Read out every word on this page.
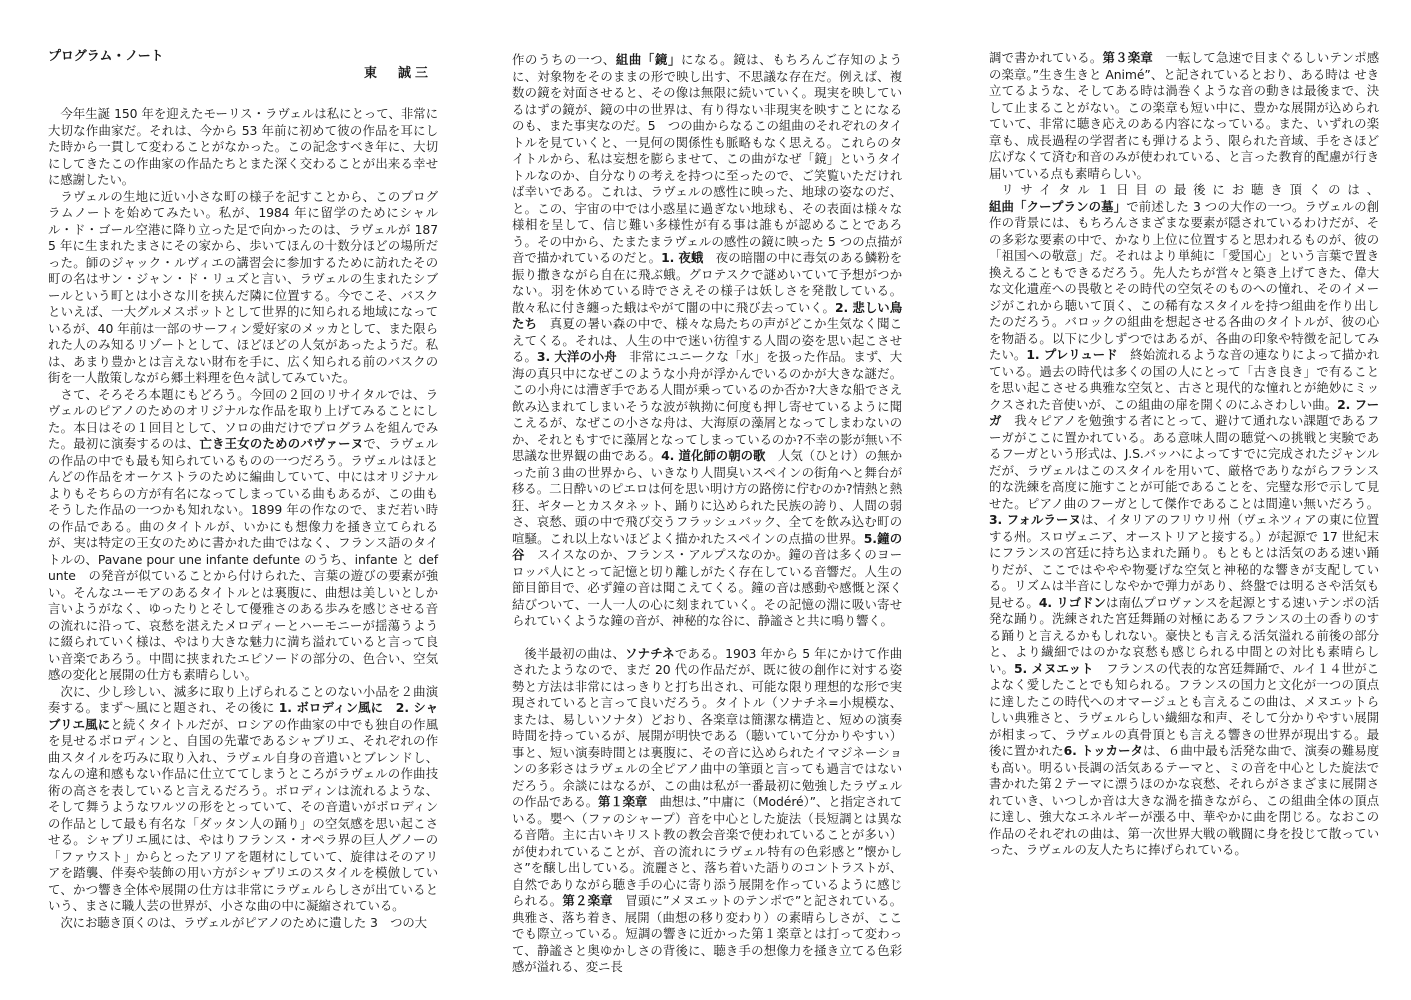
プログラム・ノート
東　誠三

今年生誕 150 年を迎えたモーリス・ラヴェルは私にとって、非常に大切な作曲家だ。それは、今から 53 年前に初めて彼の作品を耳にした時から一貫して変わることがなかった。この記念すべき年に、大切にしてきたこの作曲家の作品たちとまた深く交わることが出来る幸せに感謝したい。

ラヴェルの生地に近い小さな町の様子を記すことから、このプログラムノートを始めてみたい。私が、1984 年に留学のためにシャルル・ド・ゴール空港に降り立った足で向かったのは、ラヴェルが 1875 年に生まれたまさにその家から、歩いてほんの十数分ほどの場所だった。師のジャック・ルヴィエの講習会に参加するために訪れたその町の名はサン・ジャン・ド・リュズと言い、ラヴェルの生まれたシブールという町とは小さな川を挟んだ隣に位置する。今でこそ、バスクといえば、一大グルメスポットとして世界的に知られる地域になっているが、40 年前は一部のサーフィン愛好家のメッカとして、また限られた人のみ知るリゾートとして、ほどほどの人気があったようだ。私は、あまり豊かとは言えない財布を手に、広く知られる前のバスクの街を一人散策しながら郷土料理を色々試してみていた。

さて、そろそろ本題にもどろう。今回の２回のリサイタルでは、ラヴェルのピアノのためのオリジナルな作品を取り上げてみることにした。本日はその１回目として、ソロの曲だけでプログラムを組んでみた。最初に演奏するのは、亡き王女のためのパヴァーヌで、ラヴェルの作品の中でも最も知られているものの一つだろう。ラヴェルはほとんどの作品をオーケストラのために編曲していて、中にはオリジナルよりもそちらの方が有名になってしまっている曲もあるが、この曲もそうした作品の一つかも知れない。1899 年の作なので、まだ若い時の作品である。曲のタイトルが、いかにも想像力を掻き立てられるが、実は特定の王女のために書かれた曲ではなく、フランス語のタイトルの、Pavane pour une infante defunte のうち、infante と defunte　の発音が似ていることから付けられた、言葉の遊びの要素が強い。そんなユーモアのあるタイトルとは裏腹に、曲想は美しいとしか言いようがなく、ゆったりとそして優雅さのある歩みを感じさせる音の流れに沿って、哀愁を湛えたメロディーとハーモニーが揺蕩うように綴られていく様は、やはり大きな魅力に満ち溢れていると言って良い音楽であろう。中間に挟まれたエピソードの部分の、色合い、空気感の変化と展開の仕方も素晴らしい。

次に、少し珍しい、滅多に取り上げられることのない小品を２曲演奏する。まず〜風にと題され、その後に 1. ボロディン風に　 2. シャブリエ風にと続くタイトルだが、ロシアの作曲家の中でも独自の作風を見せるボロディンと、自国の先輩であるシャブリエ、それぞれの作曲スタイルを巧みに取り入れ、ラヴェル自身の音遣いとブレンドし、なんの違和感もない作品に仕立ててしまうところがラヴェルの作曲技術の高さを表していると言えるだろう。ボロディンは流れるような、そして舞うようなワルツの形をとっていて、その音遣いがボロディンの作品として最も有名な「ダッタン人の踊り」の空気感を思い起こさせる。シャブリエ風には、やはりフランス・オペラ界の巨人グノーの「ファウスト」からとったアリアを題材にしていて、旋律はそのアリアを踏襲、伴奏や装飾の用い方がシャブリエのスタイルを模倣していて、かつ響き全体や展開の仕方は非常にラヴェルらしさが出ているという、まさに職人芸の世界が、小さな曲の中に凝縮されている。

次にお聴き頂くのは、ラヴェルがピアノのために遺した 3　つの大

作のうちの一つ、組曲「鏡」になる。鏡は、もちろんご存知のように、対象物をそのままの形で映し出す、不思議な存在だ。例えば、複数の鏡を対面させると、その像は無限に続いていく。現実を映しているはずの鏡が、鏡の中の世界は、有り得ない非現実を映すことになるのも、また事実なのだ。5　つの曲からなるこの組曲のそれぞれのタイトルを見ていくと、一見何の関係性も脈略もなく思える。これらのタイトルから、私は妄想を膨らませて、この曲がなぜ「鏡」というタイトルなのか、自分なりの考えを持つに至ったので、ご笑覧いただければ幸いである。これは、ラヴェルの感性に映った、地球の姿なのだ、と。この、宇宙の中では小惑星に過ぎない地球も、その表面は様々な様相を呈して、信じ難い多様性が有る事は誰もが認めることであろう。その中から、たまたまラヴェルの感性の鏡に映った 5 つの点描が音で描かれているのだと。1. 夜蛾　夜の暗闇の中に毒気のある鱗粉を振り撒きながら自在に飛ぶ蛾。グロテスクで謎めいていて予想がつかない。羽を休めている時でさえその様子は妖しさを発散している。散々私に付き纏った蛾はやがて闇の中に飛び去っていく。2. 悲しい鳥たち　真夏の暑い森の中で、様々な鳥たちの声がどこか生気なく聞こえてくる。それは、人生の中で迷い彷徨する人間の姿を思い起こさせる。3. 大洋の小舟　非常にユニークな「水」を扱った作品。まず、大海の真只中になぜこのような小舟が浮かんでいるのかが大きな謎だ。この小舟には漕ぎ手である人間が乗っているのか否か?大きな船でさえ飲み込まれてしまいそうな波が執拗に何度も押し寄せているように聞こえるが、なぜこの小さな舟は、大海原の藻屑となってしまわないのか、それともすでに藻屑となってしまっているのか?不幸の影が無い不思議な世界観の曲である。4. 道化師の朝の歌　人気（ひとけ）の無かった前３曲の世界から、いきなり人間臭いスペインの街角へと舞台が移る。二日酔いのピエロは何を思い明け方の路傍に佇むのか?情熱と熱狂、ギターとカスタネット、踊りに込められた民族の誇り、人間の弱さ、哀愁、頭の中で飛び交うフラッシュバック、全てを飲み込む町の喧騒。これ以上ないほどよく描かれたスペインの点描の世界。5.鐘の谷　スイスなのか、フランス・アルプスなのか。鐘の音は多くのヨーロッパ人にとって記憶と切り離しがたく存在している音響だ。人生の節目節目で、必ず鐘の音は聞こえてくる。鐘の音は感動や感慨と深く結びついて、一人一人の心に刻まれていく。その記憶の淵に吸い寄せられていくような鐘の音が、神秘的な谷に、静謐さと共に鳴り響く。

後半最初の曲は、ソナチネである。1903 年から 5 年にかけて作曲されたようなので、まだ 20 代の作品だが、既に彼の創作に対する姿勢と方法は非常にはっきりと打ち出され、可能な限り理想的な形で実現されていると言って良いだろう。タイトル（ソナチネ=小規模な、または、易しいソナタ）どおり、各楽章は簡潔な構造と、短めの演奏時間を持っているが、展開が明快である（聴いていて分かりやすい）事と、短い演奏時間とは裏腹に、その音に込められたイマジネーションの多彩さはラヴェルの全ピアノ曲中の筆頭と言っても過言ではないだろう。余談にはなるが、この曲は私が一番最初に勉強したラヴェルの作品である。第１楽章　曲想は、”中庸に（Modéré）”、と指定されている。嬰ヘ（ファのシャープ）音を中心とした旋法（長短調とは異なる音階。主に古いキリスト教の教会音楽で使われていることが多い）が使われていることが、音の流れにラヴェル特有の色彩感と”懐かしさ”を醸し出している。流麗さと、落ち着いた語りのコントラストが、自然でありながら聴き手の心に寄り添う展開を作っているように感じられる。第２楽章　冒頭に”メヌエットのテンポで”と記されている。典雅さ、落ち着き、展開（曲想の移り変わり）の素晴らしさが、ここでも際立っている。短調の響きに近かった第１楽章とは打って変わって、静謐さと奥ゆかしさの背後に、聴き手の想像力を掻き立てる色彩感が溢れる、変ニ長

調で書かれている。第３楽章　一転して急速で目まぐるしいテンポ感の楽章。”生き生きと Animé”、と記されているとおり、ある時は せき立てるような、そしてある時は渦巻くような音の動きは最後まで、決して止まることがない。この楽章も短い中に、豊かな展開が込められていて、非常に聴き応えのある内容になっている。また、いずれの楽章も、成長過程の学習者にも弾けるよう、限られた音域、手をさほど広げなくて済む和音のみが使われている、と言った教育的配慮が行き届いている点も素晴らしい。

リサイタル１日目の最後にお聴き頂くのは、組曲「クープランの墓」で前述した 3 つの大作の一つ。ラヴェルの創作の背景には、もちろんさまざまな要素が隠されているわけだが、その多彩な要素の中で、かなり上位に位置すると思われるものが、彼の「祖国への敬意」だ。それはより単純に「愛国心」という言葉で置き換えることもできるだろう。先人たちが営々と築き上げてきた、偉大な文化遺産への畏敬とその時代の空気そのものへの憧れ、そのイメージがこれから聴いて頂く、この稀有なスタイルを持つ組曲を作り出したのだろう。バロックの組曲を想起させる各曲のタイトルが、彼の心を物語る。以下に少しずつではあるが、各曲の印象や特徴を記してみたい。1. プレリュード　終始流れるような音の連なりによって描かれている。過去の時代は多くの国の人にとって「古き良き」で有ることを思い起こさせる典雅な空気と、古さと現代的な憧れとが絶妙にミックスされた音使いが、この組曲の扉を開くのにふさわしい曲。2. フーガ　我々ピアノを勉強する者にとって、避けて通れない課題であるフーガがここに置かれている。ある意味人間の聴覚への挑戦と実験であるフーガという形式は、J.S.バッハによってすでに完成されたジャンルだが、ラヴェルはこのスタイルを用いて、厳格でありながらフランス的な洗練を高度に施すことが可能であることを、完璧な形で示して見せた。ピアノ曲のフーガとして傑作であることは間違い無いだろう。3. フォルラーヌは、イタリアのフリウリ州（ヴェネツィアの東に位置する州。スロヴェニア、オーストリアと接する。）が起源で 17 世紀末にフランスの宮廷に持ち込まれた踊り。もともとは活気のある速い踊りだが、ここではややや物憂げな空気と神秘的な響きが支配している。リズムは半音にしなやかで弾力があり、終盤では明るさや活気も見せる。4. リゴドンは南仏プロヴァンスを起源とする速いテンポの活発な踊り。洗練された宮廷舞踊の対極にあるフランスの土の香りのする踊りと言えるかもしれない。豪快とも言える活気溢れる前後の部分と、より繊細ではのかな哀愁も感じられる中間との対比も素晴らしい。5. メヌエット　フランスの代表的な宮廷舞踊で、ルイ１４世がこよなく愛したことでも知られる。フランスの国力と文化が一つの頂点に達したこの時代へのオマージュとも言えるこの曲は、メヌエットらしい典雅さと、ラヴェルらしい繊細な和声、そして分かりやすい展開が相まって、ラヴェルの真骨頂とも言える響きの世界が現出する。最後に置かれた6. トッカータは、６曲中最も活発な曲で、演奏の難易度も高い。明るい長調の活気あるテーマと、ミの音を中心とした旋法で書かれた第２テーマに漂うほのかな哀愁、それらがさまざまに展開されていき、いつしか音は大きな渦を描きながら、この組曲全体の頂点に達し、強大なエネルギーが漲る中、華やかに曲を閉じる。なおこの作品のそれぞれの曲は、第一次世界大戦の戦闘に身を投じて散っていった、ラヴェルの友人たちに捧げられている。
